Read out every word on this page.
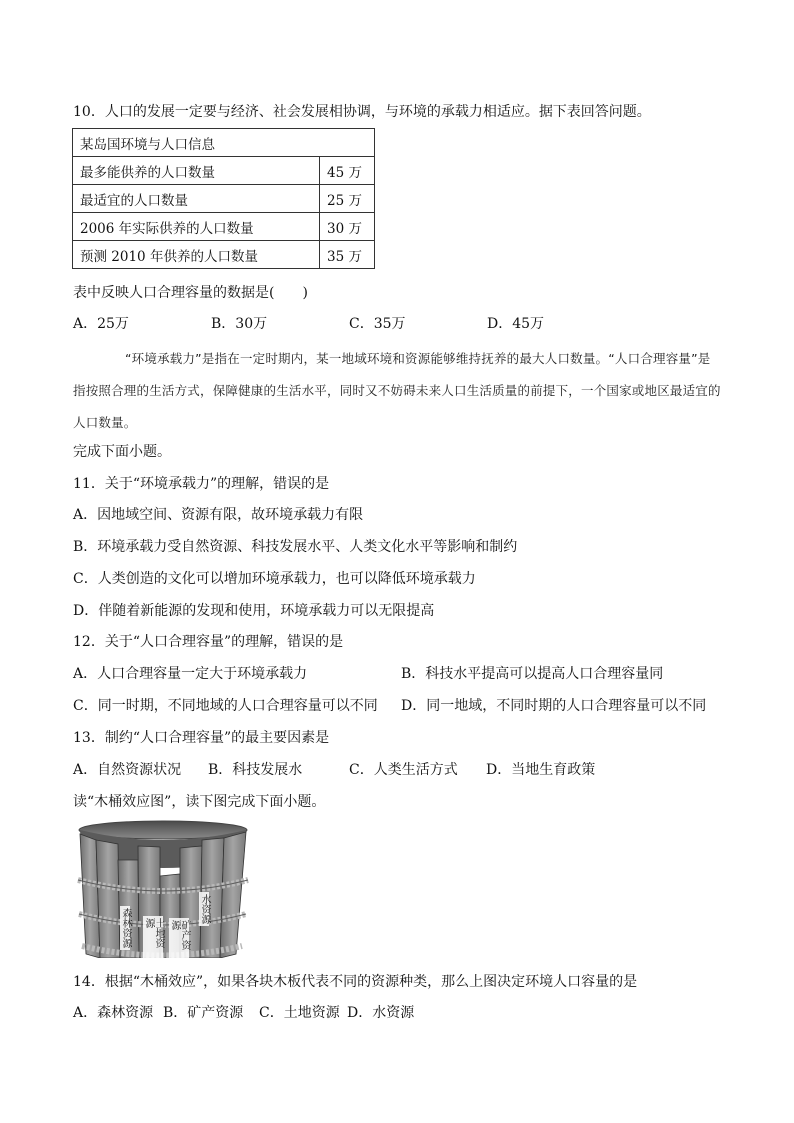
10．人口的发展一定要与经济、社会发展相协调，与环境的承载力相适应。据下表回答问题。
某岛国环境与人口信息	
最多能供养的人口数量	45 万
最适宜的人口数量	25 万
2006 年实际供养的人口数量	30 万
预测 2010 年供养的人口数量	35 万
表中反映人口合理容量的数据是(　　)
A．25万	B．30万	C．35万	D．45万
“环境承载力”是指在一定时期内，某一地域环境和资源能够维持抚养的最大人口数量。“人口合理容量”是指按照合理的生活方式，保障健康的生活水平，同时又不妨碍未来人口生活质量的前提下，一个国家或地区最适宜的人口数量。
完成下面小题。
11．关于“环境承载力”的理解，错误的是
A．因地域空间、资源有限，故环境承载力有限
B．环境承载力受自然资源、科技发展水平、人类文化水平等影响和制约
C．人类创造的文化可以增加环境承载力，也可以降低环境承载力
D．伴随着新能源的发现和使用，环境承载力可以无限提高
12．关于“人口合理容量”的理解，错误的是
A．人口合理容量一定大于环境承载力	B．科技水平提高可以提高人口合理容量同
C．同一时期，不同地域的人口合理容量可以不同 D．同一地域，不同时期的人口合理容量可以不同
13．制约“人口合理容量”的最主要因素是
A．自然资源状况 B．科技发展水	C．人类生活方式 D．当地生育政策
读“木桶效应图”，读下图完成下面小题。
森林资源	土地资源	矿产资源
水资源
14．根据“木桶效应”，如果各块木板代表不同的资源种类，那么上图决定环境人口容量的是
A．森林资源 B．矿产资源 C．土地资源 D．水资源
